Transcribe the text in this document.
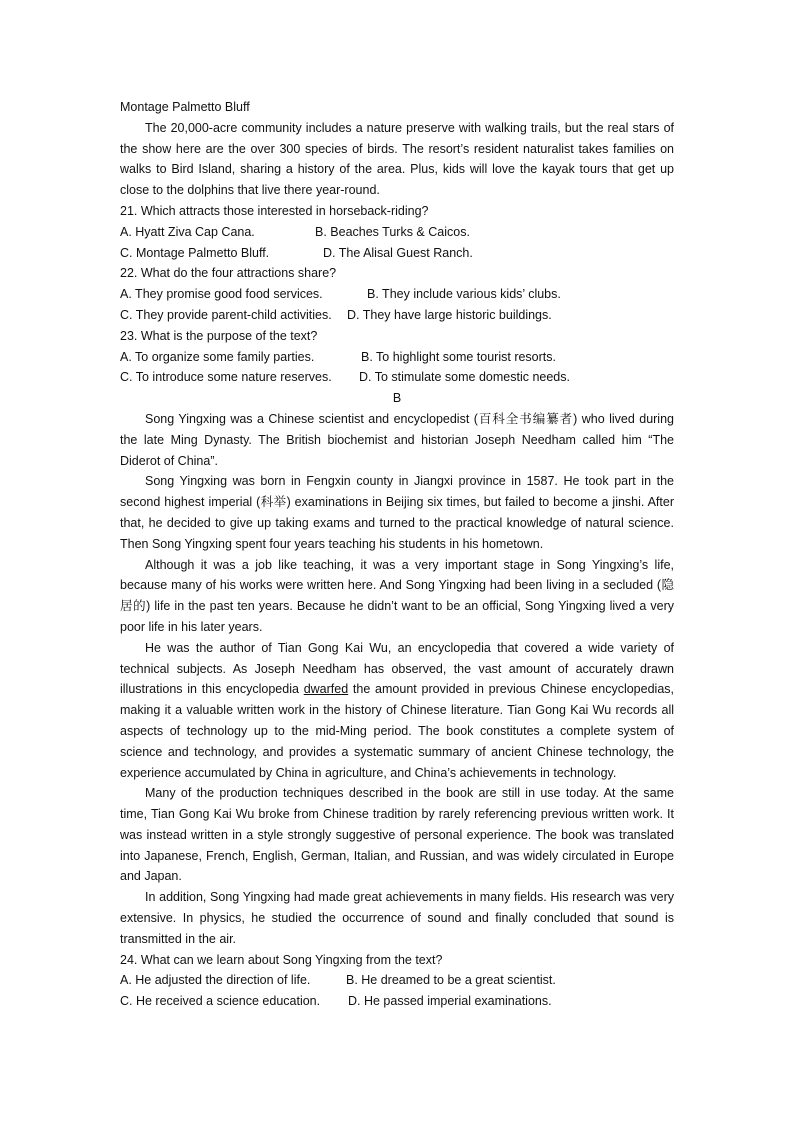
Montage Palmetto Bluff

The 20,000-acre community includes a nature preserve with walking trails, but the real stars of the show here are the over 300 species of birds. The resort’s resident naturalist takes families on walks to Bird Island, sharing a history of the area. Plus, kids will love the kayak tours that get up close to the dolphins that live there year-round.

21. Which attracts those interested in horseback-riding?

A. Hyatt Ziva Cap Cana.	B. Beaches Turks & Caicos.
C. Montage Palmetto Bluff.	D. The Alisal Guest Ranch.

22. What do the four attractions share?

A. They promise good food services.	B. They include various kids’ clubs.
C. They provide parent-child activities.	D. They have large historic buildings.

23. What is the purpose of the text?

A. To organize some family parties.	B. To highlight some tourist resorts.
C. To introduce some nature reserves.	D. To stimulate some domestic needs.

B

Song Yingxing was a Chinese scientist and encyclopedist (百科全书编纂者) who lived during the late Ming Dynasty. The British biochemist and historian Joseph Needham called him “The Diderot of China”.

Song Yingxing was born in Fengxin county in Jiangxi province in 1587. He took part in the second highest imperial (科举) examinations in Beijing six times, but failed to become a jinshi. After that, he decided to give up taking exams and turned to the practical knowledge of natural science. Then Song Yingxing spent four years teaching his students in his hometown.

Although it was a job like teaching, it was a very important stage in Song Yingxing’s life, because many of his works were written here. And Song Yingxing had been living in a secluded (隐居的) life in the past ten years. Because he didn’t want to be an official, Song Yingxing lived a very poor life in his later years.

He was the author of Tian Gong Kai Wu, an encyclopedia that covered a wide variety of technical subjects. As Joseph Needham has observed, the vast amount of accurately drawn illustrations in this encyclopedia dwarfed the amount provided in previous Chinese encyclopedias, making it a valuable written work in the history of Chinese literature. Tian Gong Kai Wu records all aspects of technology up to the mid-Ming period. The book constitutes a complete system of science and technology, and provides a systematic summary of ancient Chinese technology, the experience accumulated by China in agriculture, and China’s achievements in technology.

Many of the production techniques described in the book are still in use today. At the same time, Tian Gong Kai Wu broke from Chinese tradition by rarely referencing previous written work. It was instead written in a style strongly suggestive of personal experience. The book was translated into Japanese, French, English, German, Italian, and Russian, and was widely circulated in Europe and Japan.

In addition, Song Yingxing had made great achievements in many fields. His research was very extensive. In physics, he studied the occurrence of sound and finally concluded that sound is transmitted in the air.

24. What can we learn about Song Yingxing from the text?

A. He adjusted the direction of life.	B. He dreamed to be a great scientist.
C. He received a science education.	D. He passed imperial examinations.
